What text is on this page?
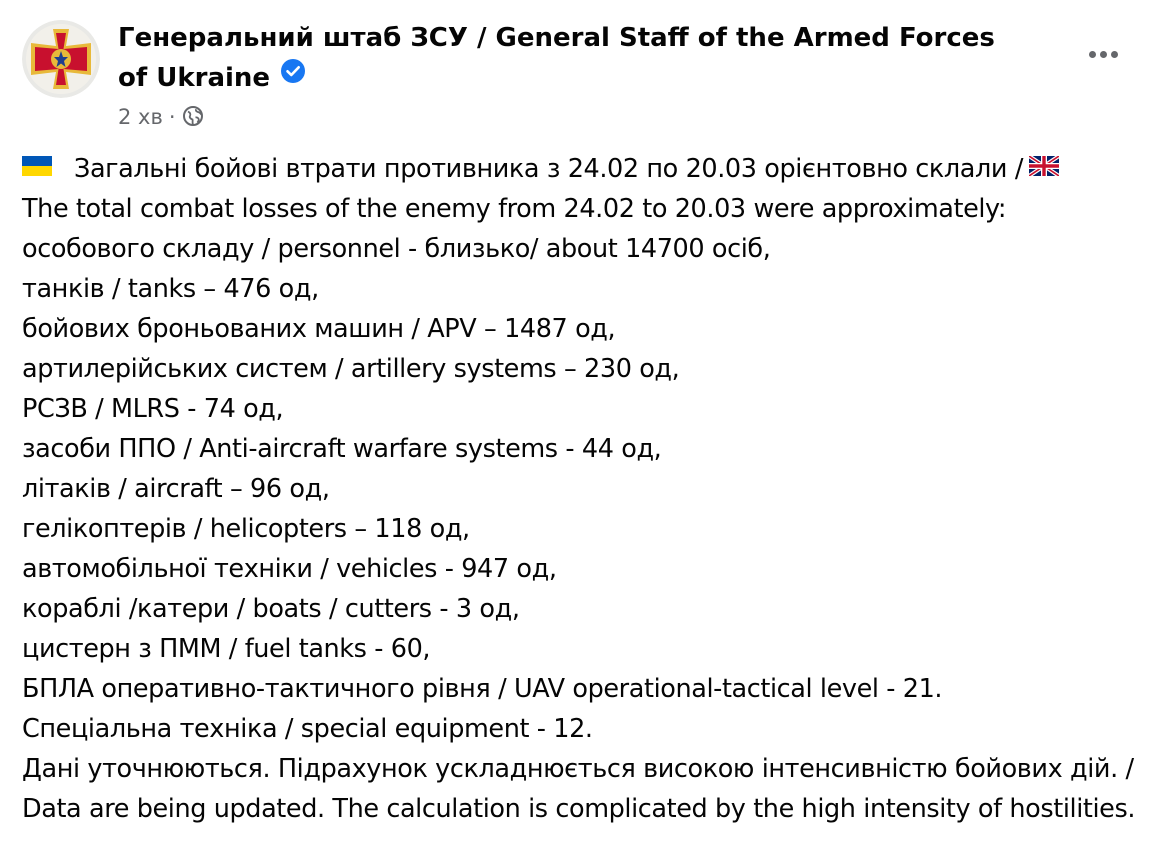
Генеральний штаб ЗСУ / General Staff of the Armed Forces of Ukraine
2 хв ·
Загальні бойові втрати противника з 24.02 по 20.03 орієнтовно склали /
The total combat losses of the enemy from 24.02 to 20.03 were approximately:
особового складу / personnel - близько/ about 14700 осіб,
танків / tanks – 476 од,
бойових броньованих машин / APV – 1487 од,
артилерійських систем / artillery systems – 230 од,
РСЗВ / MLRS - 74 од,
засоби ППО / Anti-aircraft warfare systems - 44 од,
літаків / aircraft – 96 од,
гелікоптерів / helicopters – 118 од,
автомобільної техніки / vehicles - 947 од,
кораблі /катери / boats / cutters - 3 од,
цистерн з ПММ / fuel tanks - 60,
БПЛА оперативно-тактичного рівня / UAV operational-tactical level - 21.
Спеціальна техніка / special equipment - 12.
Дані уточнюються. Підрахунок ускладнюється високою інтенсивністю бойових дій. / Data are being updated. The calculation is complicated by the high intensity of hostilities.
